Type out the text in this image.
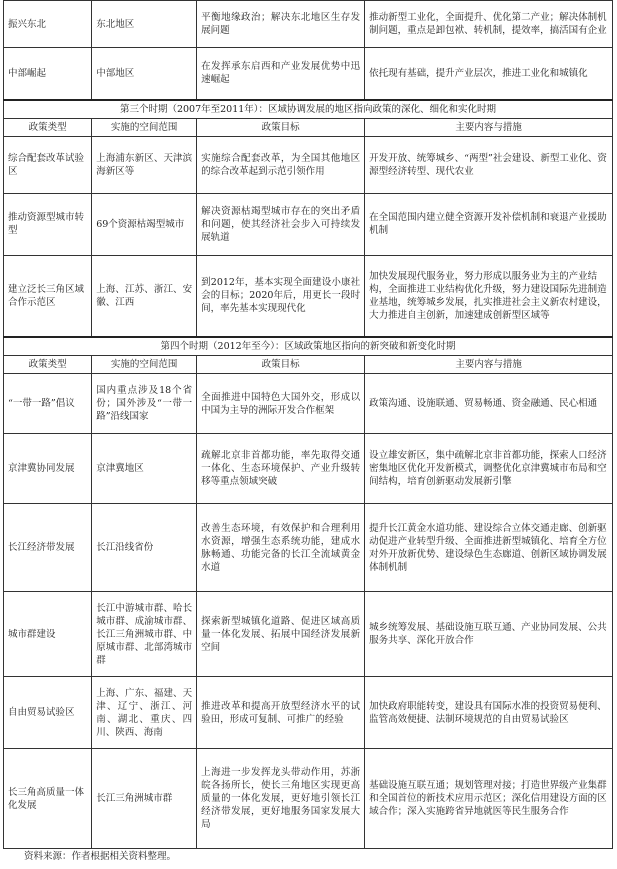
振兴东北	东北地区	平衡地缘政治；解决东北地区生存发展问题	推动新型工业化，全面提升、优化第二产业；解决体制机制问题，重点是卸包袱、转机制，提效率，搞活国有企业
中部崛起	中部地区	在发挥承东启西和产业发展优势中迅速崛起	依托现有基础，提升产业层次，推进工业化和城镇化
第三个时期（2007年至2011年）：区域协调发展的地区指向政策的深化、细化和实化时期			
政策类型	实施的空间范围	政策目标	主要内容与措施
综合配套改革试验区	上海浦东新区、天津滨海新区等	实施综合配套改革，为全国其他地区的综合改革起到示范引领作用	开发开放、统筹城乡、“两型”社会建设、新型工业化、资源型经济转型、现代农业
推动资源型城市转型	69个资源枯竭型城市	解决资源枯竭型城市存在的突出矛盾和问题，使其经济社会步入可持续发展轨道	在全国范围内建立健全资源开发补偿机制和衰退产业援助机制
建立泛长三角区域合作示范区	上海、江苏、浙江、安徽、江西	到2012年，基本实现全面建设小康社会的目标；2020年后，用更长一段时间，率先基本实现现代化	加快发展现代服务业，努力形成以服务业为主的产业结构，全面推进工业结构优化升级，努力建设国际先进制造业基地，统筹城乡发展，扎实推进社会主义新农村建设，大力推进自主创新，加速建成创新型区域等
第四个时期（2012年至今）：区域政策地区指向的新突破和新变化时期			
政策类型	实施的空间范围	政策目标	主要内容与措施
“一带一路”倡议	国内重点涉及18个省份；国外涉及“一带一路”沿线国家	全面推进中国特色大国外交，形成以中国为主导的洲际开发合作框架	政策沟通、设施联通、贸易畅通、资金融通、民心相通
京津冀协同发展	京津冀地区	疏解北京非首都功能，率先取得交通一体化、生态环境保护、产业升级转移等重点领域突破	设立雄安新区，集中疏解北京非首都功能，探索人口经济密集地区优化开发新模式，调整优化京津冀城市布局和空间结构，培育创新驱动发展新引擎
长江经济带发展	长江沿线省份	改善生态环境，有效保护和合理利用水资源，增强生态系统功能，建成水脉畅通、功能完备的长江全流域黄金水道	提升长江黄金水道功能、建设综合立体交通走廊、创新驱动促进产业转型升级、全面推进新型城镇化、培育全方位对外开放新优势、建设绿色生态廊道、创新区域协调发展体制机制
城市群建设	长江中游城市群、哈长城市群、成渝城市群、长江三角洲城市群、中原城市群、北部湾城市群	探索新型城镇化道路、促进区域高质量一体化发展、拓展中国经济发展新空间	城乡统筹发展、基础设施互联互通、产业协同发展、公共服务共享、深化开放合作
自由贸易试验区	上海、广东、福建、天津、辽宁、浙江、河南、湖北、重庆、四川、陕西、海南	推进改革和提高开放型经济水平的试验田，形成可复制、可推广的经验	加快政府职能转变，建设具有国际水准的投资贸易便利、监管高效便捷、法制环境规范的自由贸易试验区
长三角高质量一体化发展	长江三角洲城市群	上海进一步发挥龙头带动作用，苏浙皖各扬所长，使长三角地区实现更高质量的一体化发展，更好地引领长江经济带发展，更好地服务国家发展大局	基础设施互联互通；规划管理对接；打造世界级产业集群和全国首位的新技术应用示范区；深化信用建设方面的区域合作；深入实施跨省异地就医等民生服务合作
资料来源：作者根据相关资料整理。
